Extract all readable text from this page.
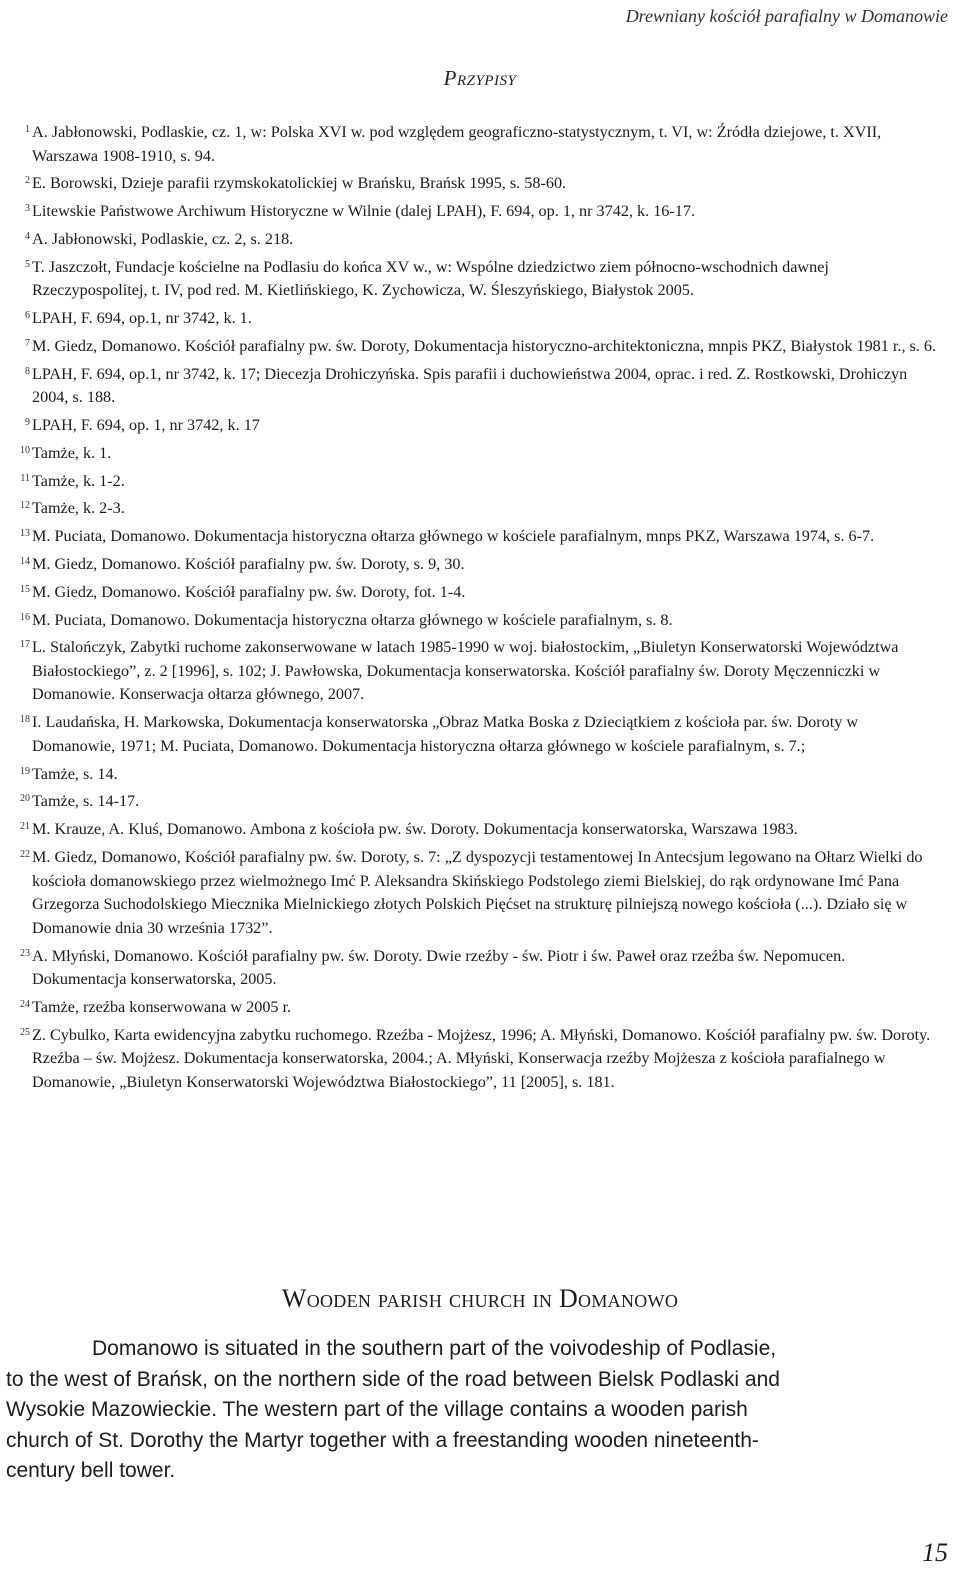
Drewniany kościół parafialny w Domanowie
Przypisy

1 A. Jabłonowski, Podlaskie, cz. 1, w: Polska XVI w. pod względem geograficzno-statystycznym, t. VI, w: Źródła dziejowe, t. XVII, Warszawa 1908-1910, s. 94.

2 E. Borowski, Dzieje parafii rzymskokatolickiej w Brańsku, Brańsk 1995, s. 58-60.

3 Litewskie Państwowe Archiwum Historyczne w Wilnie (dalej LPAH), F. 694, op. 1, nr 3742, k. 16-17.

4 A. Jabłonowski, Podlaskie, cz. 2, s. 218.

5 T. Jaszczołt, Fundacje kościelne na Podlasiu do końca XV w., w: Wspólne dziedzictwo ziem północno-wschodnich dawnej Rzeczypospolitej, t. IV, pod red. M. Kietlińskiego, K. Zychowicza, W. Śleszyńskiego, Białystok 2005.

6 LPAH, F. 694, op.1, nr 3742, k. 1.

7 M. Giedz, Domanowo. Kościół parafialny pw. św. Doroty, Dokumentacja historyczno-architektoniczna, mnpis PKZ, Białystok 1981 r., s. 6.

8 LPAH, F. 694, op.1, nr 3742, k. 17; Diecezja Drohiczyńska. Spis parafii i duchowieństwa 2004, oprac. i red. Z. Rostkowski, Drohiczyn 2004, s. 188.

9 LPAH, F. 694, op. 1, nr 3742, k. 17

10 Tamże, k. 1.

11 Tamże, k. 1-2.

12 Tamże, k. 2-3.

13 M. Puciata, Domanowo. Dokumentacja historyczna ołtarza głównego w kościele parafialnym, mnps PKZ, Warszawa 1974, s. 6-7.

14 M. Giedz, Domanowo. Kościół parafialny pw. św. Doroty, s. 9, 30.

15 M. Giedz, Domanowo. Kościół parafialny pw. św. Doroty, fot. 1-4.

16 M. Puciata, Domanowo. Dokumentacja historyczna ołtarza głównego w kościele parafialnym, s. 8.

17 L. Stalończyk, Zabytki ruchome zakonserwowane w latach 1985-1990 w woj. białostockim, „Biuletyn Konserwatorski Województwa Białostockiego”, z. 2 [1996], s. 102; J. Pawłowska, Dokumentacja konserwatorska. Kościół parafialny św. Doroty Męczenniczki w Domanowie. Konserwacja ołtarza głównego, 2007.

18 I. Laudańska, H. Markowska, Dokumentacja konserwatorska „Obraz Matka Boska z Dzieciątkiem z kościoła par. św. Doroty w Domanowie, 1971; M. Puciata, Domanowo. Dokumentacja historyczna ołtarza głównego w kościele parafialnym, s. 7.;

19 Tamże, s. 14.

20 Tamże, s. 14-17.

21 M. Krauze, A. Kluś, Domanowo. Ambona z kościoła pw. św. Doroty. Dokumentacja konserwatorska, Warszawa 1983.

22 M. Giedz, Domanowo, Kościół parafialny pw. św. Doroty, s. 7: „Z dyspozycji testamentowej In Antecsjum legowano na Ołtarz Wielki do kościoła domanowskiego przez wielmożnego Imć P. Aleksandra Skińskiego Podstolego ziemi Bielskiej, do rąk ordynowane Imć Pana Grzegorza Suchodolskiego Miecznika Mielnickiego złotych Polskich Pięćset na strukturę pilniejszą nowego kościoła (...). Działo się w Domanowie dnia 30 września 1732”.

23 A. Młyński, Domanowo. Kościół parafialny pw. św. Doroty. Dwie rzeźby - św. Piotr i św. Paweł oraz rzeźba św. Nepomucen. Dokumentacja konserwatorska, 2005.

24 Tamże, rzeźba konserwowana w 2005 r.

25 Z. Cybulko, Karta ewidencyjna zabytku ruchomego. Rzeźba - Mojżesz, 1996; A. Młyński, Domanowo. Kościół parafialny pw. św. Doroty. Rzeźba – św. Mojżesz. Dokumentacja konserwatorska, 2004.; A. Młyński, Konserwacja rzeźby Mojżesza z kościoła parafialnego w Domanowie, „Biuletyn Konserwatorski Województwa Białostockiego”, 11 [2005], s. 181.

Wooden parish church in Domanowo
Domanowo is situated in the southern part of the voivodeship of Podlasie,
to the west of Brańsk, on the northern side of the road between Bielsk Podlaski and
Wysokie Mazowieckie. The western part of the village contains a wooden parish
church of St. Dorothy the Martyr together with a freestanding wooden nineteenth-
century bell tower.
15
